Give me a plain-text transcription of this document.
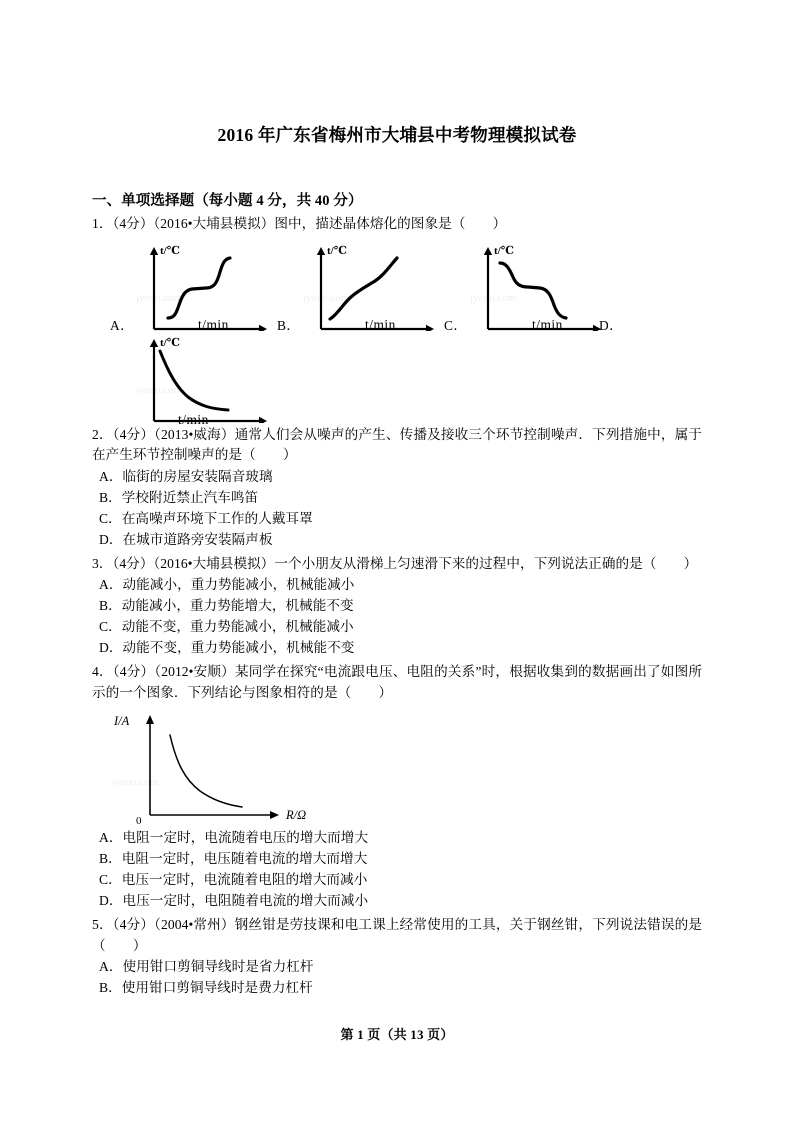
2016 年广东省梅州市大埔县中考物理模拟试卷
一、单项选择题（每小题 4 分，共 40 分）
1．（4分）（2016•大埔县模拟）图中，描述晶体熔化的图象是（　　）
jyeoo.com
t/℃
A．	t/min
jyeoo.com
t/℃
B．	t/min
jyeoo.com
t/℃
C．	t/min	D．
jyeoo.com
t/℃
t/min
2．（4分）（2013•威海）通常人们会从噪声的产生、传播及接收三个环节控制噪声．下列措施中，属于在产生环节控制噪声的是（　　）
A．临街的房屋安装隔音玻璃
B．学校附近禁止汽车鸣笛
C．在高噪声环境下工作的人戴耳罩
D．在城市道路旁安装隔声板
3．（4分）（2016•大埔县模拟）一个小朋友从滑梯上匀速滑下来的过程中，下列说法正确的是（　　）
A．动能减小，重力势能减小，机械能减小
B．动能减小，重力势能增大，机械能不变
C．动能不变，重力势能减小，机械能减小
D．动能不变，重力势能减小，机械能不变
4．（4分）（2012•安顺）某同学在探究“电流跟电压、电阻的关系”时，根据收集到的数据画出了如图所示的一个图象．下列结论与图象相符的是（　　）
jyeoo.com
I/A
R/Ω
0
A．电阻一定时，电流随着电压的增大而增大
B．电阻一定时，电压随着电流的增大而增大
C．电压一定时，电流随着电阻的增大而减小
D．电压一定时，电阻随着电流的增大而减小
5．（4分）（2004•常州）钢丝钳是劳技课和电工课上经常使用的工具，关于钢丝钳，下列说法错误的是（　　）
A．使用钳口剪铜导线时是省力杠杆
B．使用钳口剪铜导线时是费力杠杆
第 1 页（共 13 页）
